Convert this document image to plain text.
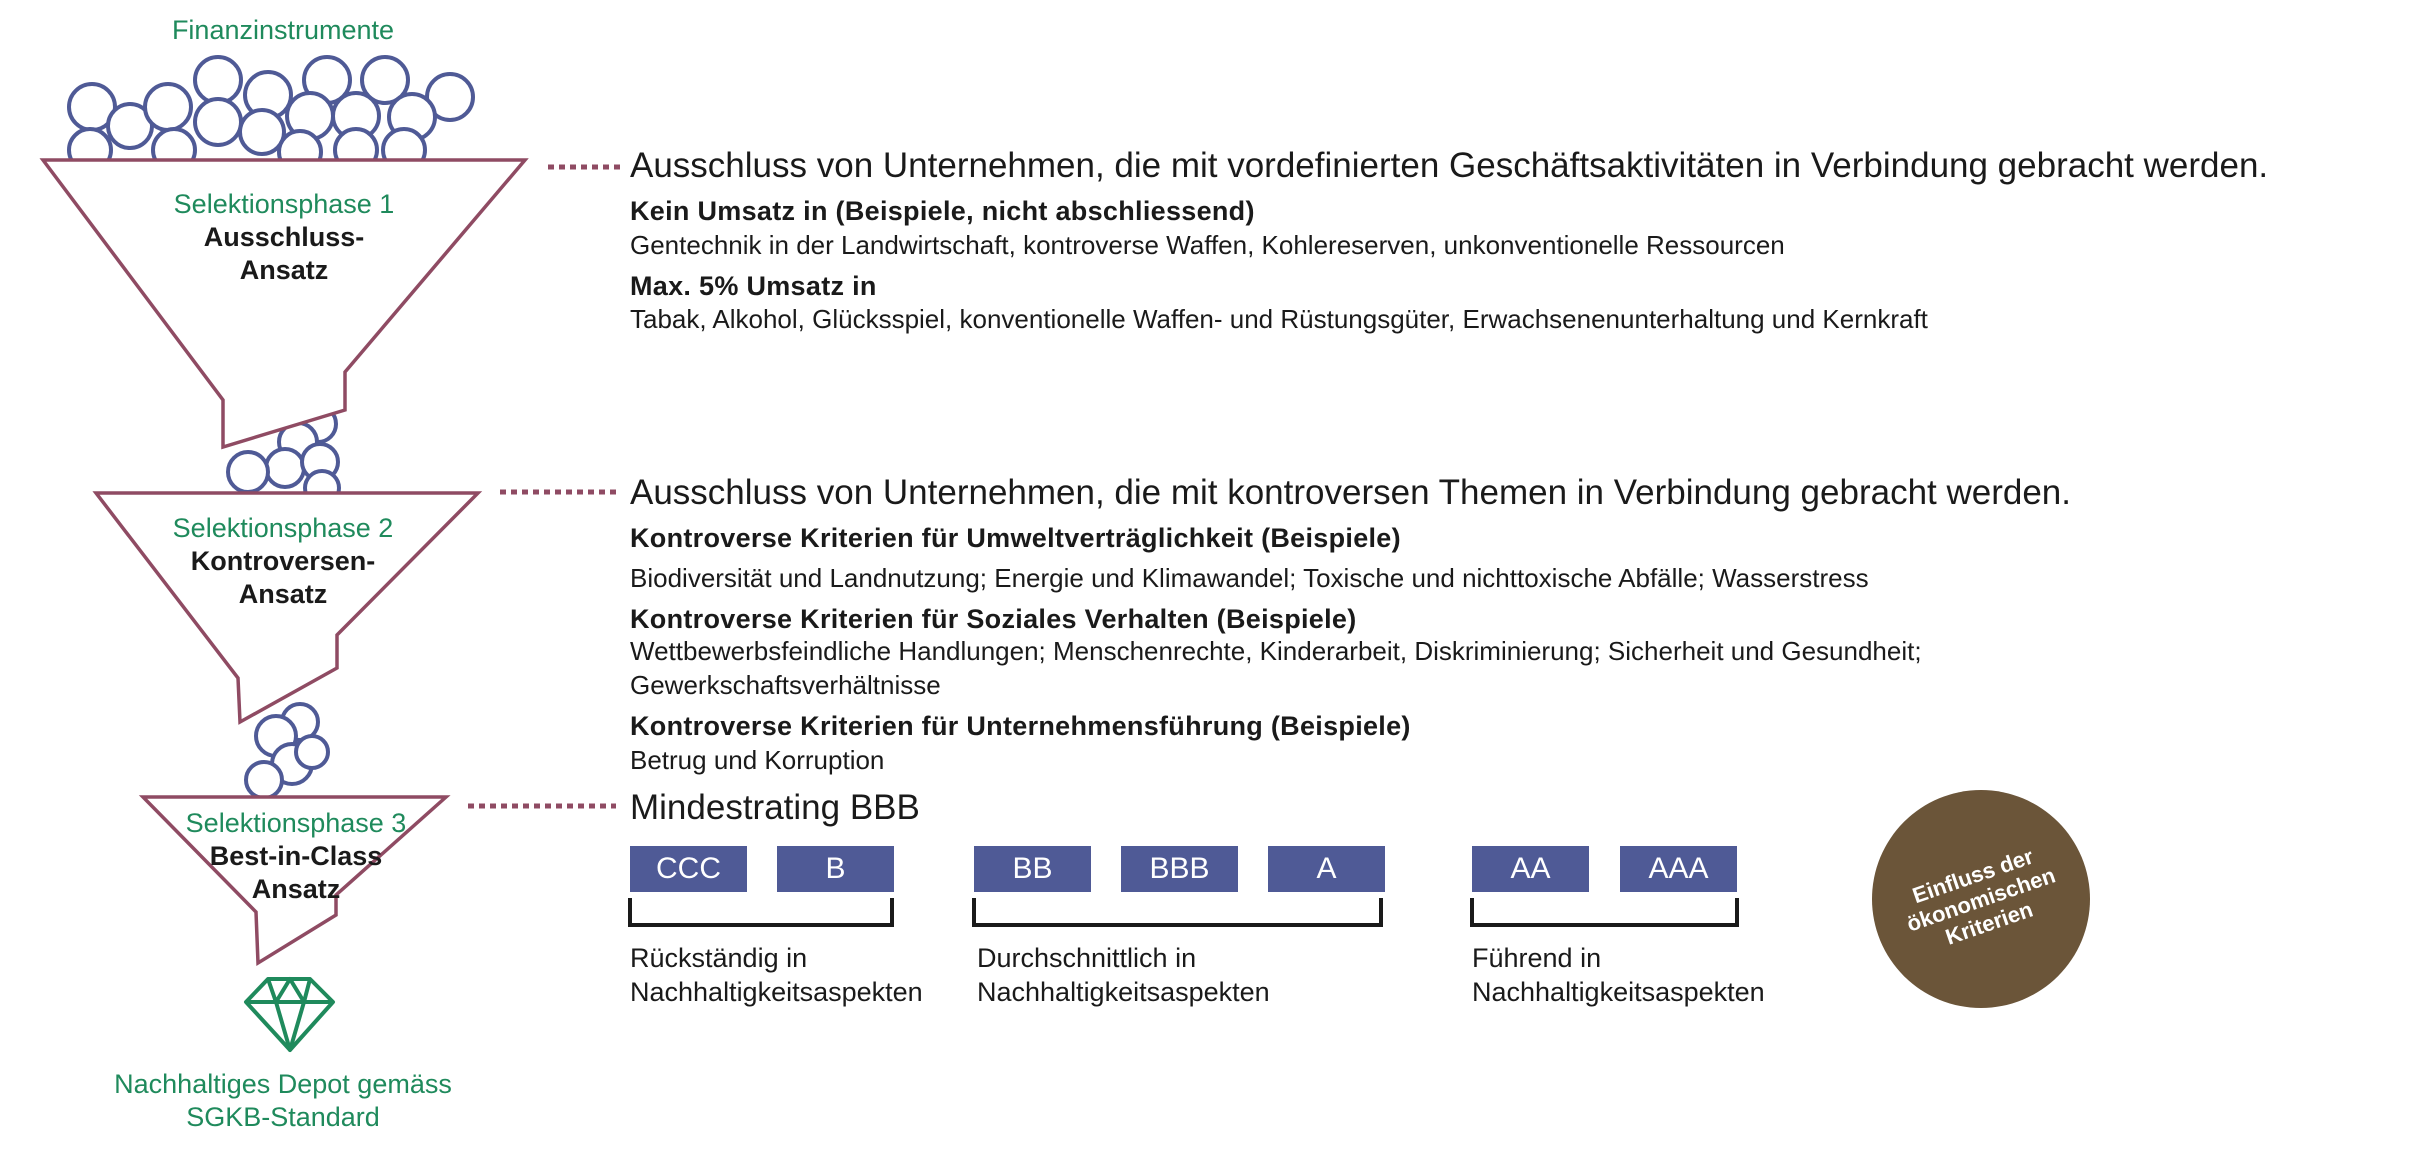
Finanzinstrumente
Selektionsphase 1
Ausschluss-
Ansatz
Selektionsphase 2
Kontroversen-
Ansatz
Selektionsphase 3
Best-in-Class
Ansatz
Nachhaltiges Depot gemäss
SGKB-Standard
Ausschluss von Unternehmen, die mit vordefinierten Geschäftsaktivitäten in Verbindung gebracht werden.
Kein Umsatz in (Beispiele, nicht abschliessend)
Gentechnik in der Landwirtschaft, kontroverse Waffen, Kohlereserven, unkonventionelle Ressourcen
Max. 5% Umsatz in
Tabak, Alkohol, Glücksspiel, konventionelle Waffen- und Rüstungsgüter, Erwachsenenunterhaltung und Kernkraft
Ausschluss von Unternehmen, die mit kontroversen Themen in Verbindung gebracht werden.
Kontroverse Kriterien für Umweltverträglichkeit (Beispiele)
Biodiversität und Landnutzung; Energie und Klimawandel; Toxische und nichttoxische Abfälle; Wasserstress
Kontroverse Kriterien für Soziales Verhalten (Beispiele)
Wettbewerbsfeindliche Handlungen; Menschenrechte, Kinderarbeit, Diskriminierung; Sicherheit und Gesundheit;
Gewerkschaftsverhältnisse
Kontroverse Kriterien für Unternehmensführung (Beispiele)
Betrug und Korruption
Mindestrating BBB
CCC	B	BB	BBB	A	AA	AAA
Rückständig in
Nachhaltigkeitsaspekten
Durchschnittlich in
Nachhaltigkeitsaspekten
Führend in
Nachhaltigkeitsaspekten
Einfluss der
ökonomischen
Kriterien
